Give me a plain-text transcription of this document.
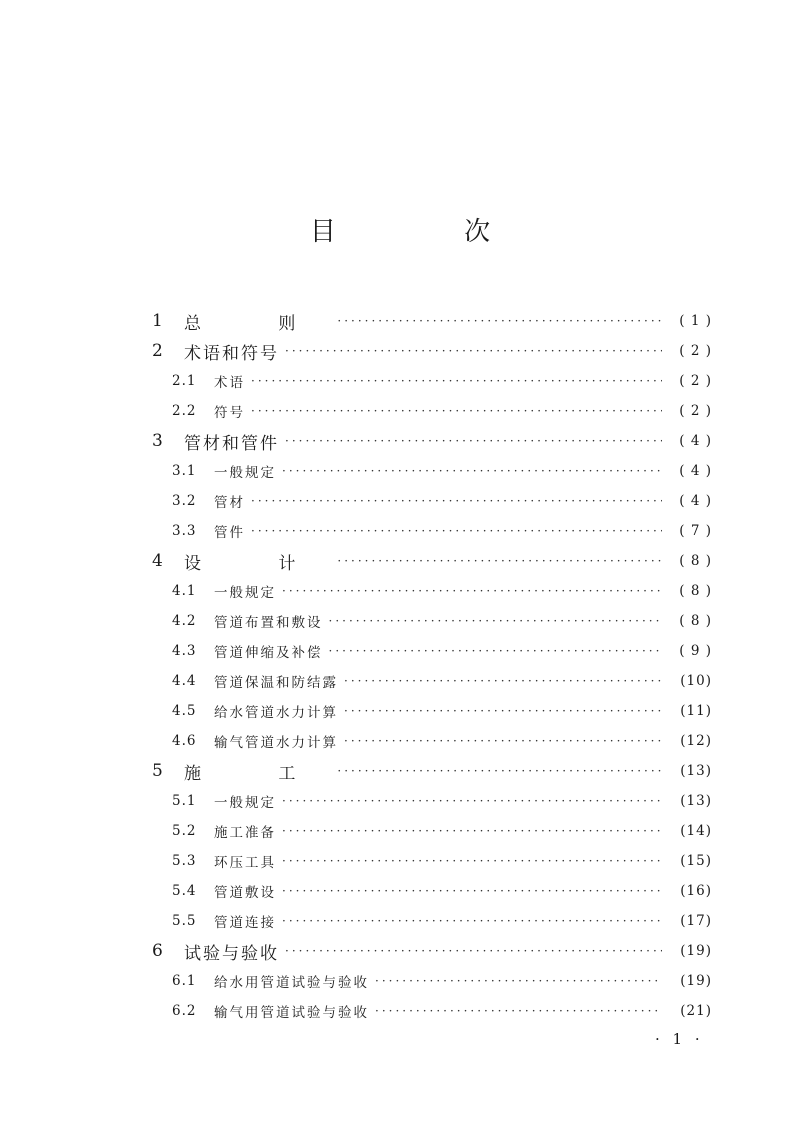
目 次
1	总 则 ·····	( 1 )
2	术语和符号 ·····	( 2 )
2.1	术语 ·····	( 2 )
2.2	符号 ·····	( 2 )
3	管材和管件 ·····	( 4 )
3.1	一般规定 ·····	( 4 )
3.2	管材 ·····	( 4 )
3.3	管件 ·····	( 7 )
4	设 计 ·····	( 8 )
4.1	一般规定 ·····	( 8 )
4.2	管道布置和敷设 ·····	( 8 )
4.3	管道伸缩及补偿 ·····	( 9 )
4.4	管道保温和防结露 ·····	(10)
4.5	给水管道水力计算 ·····	(11)
4.6	输气管道水力计算 ·····	(12)
5	施 工 ·····	(13)
5.1	一般规定 ·····	(13)
5.2	施工准备 ·····	(14)
5.3	环压工具 ·····	(15)
5.4	管道敷设 ·····	(16)
5.5	管道连接 ·····	(17)
6	试验与验收 ·····	(19)
6.1	给水用管道试验与验收 ·····	(19)
6.2	输气用管道试验与验收 ·····	(21)
· 1 ·
